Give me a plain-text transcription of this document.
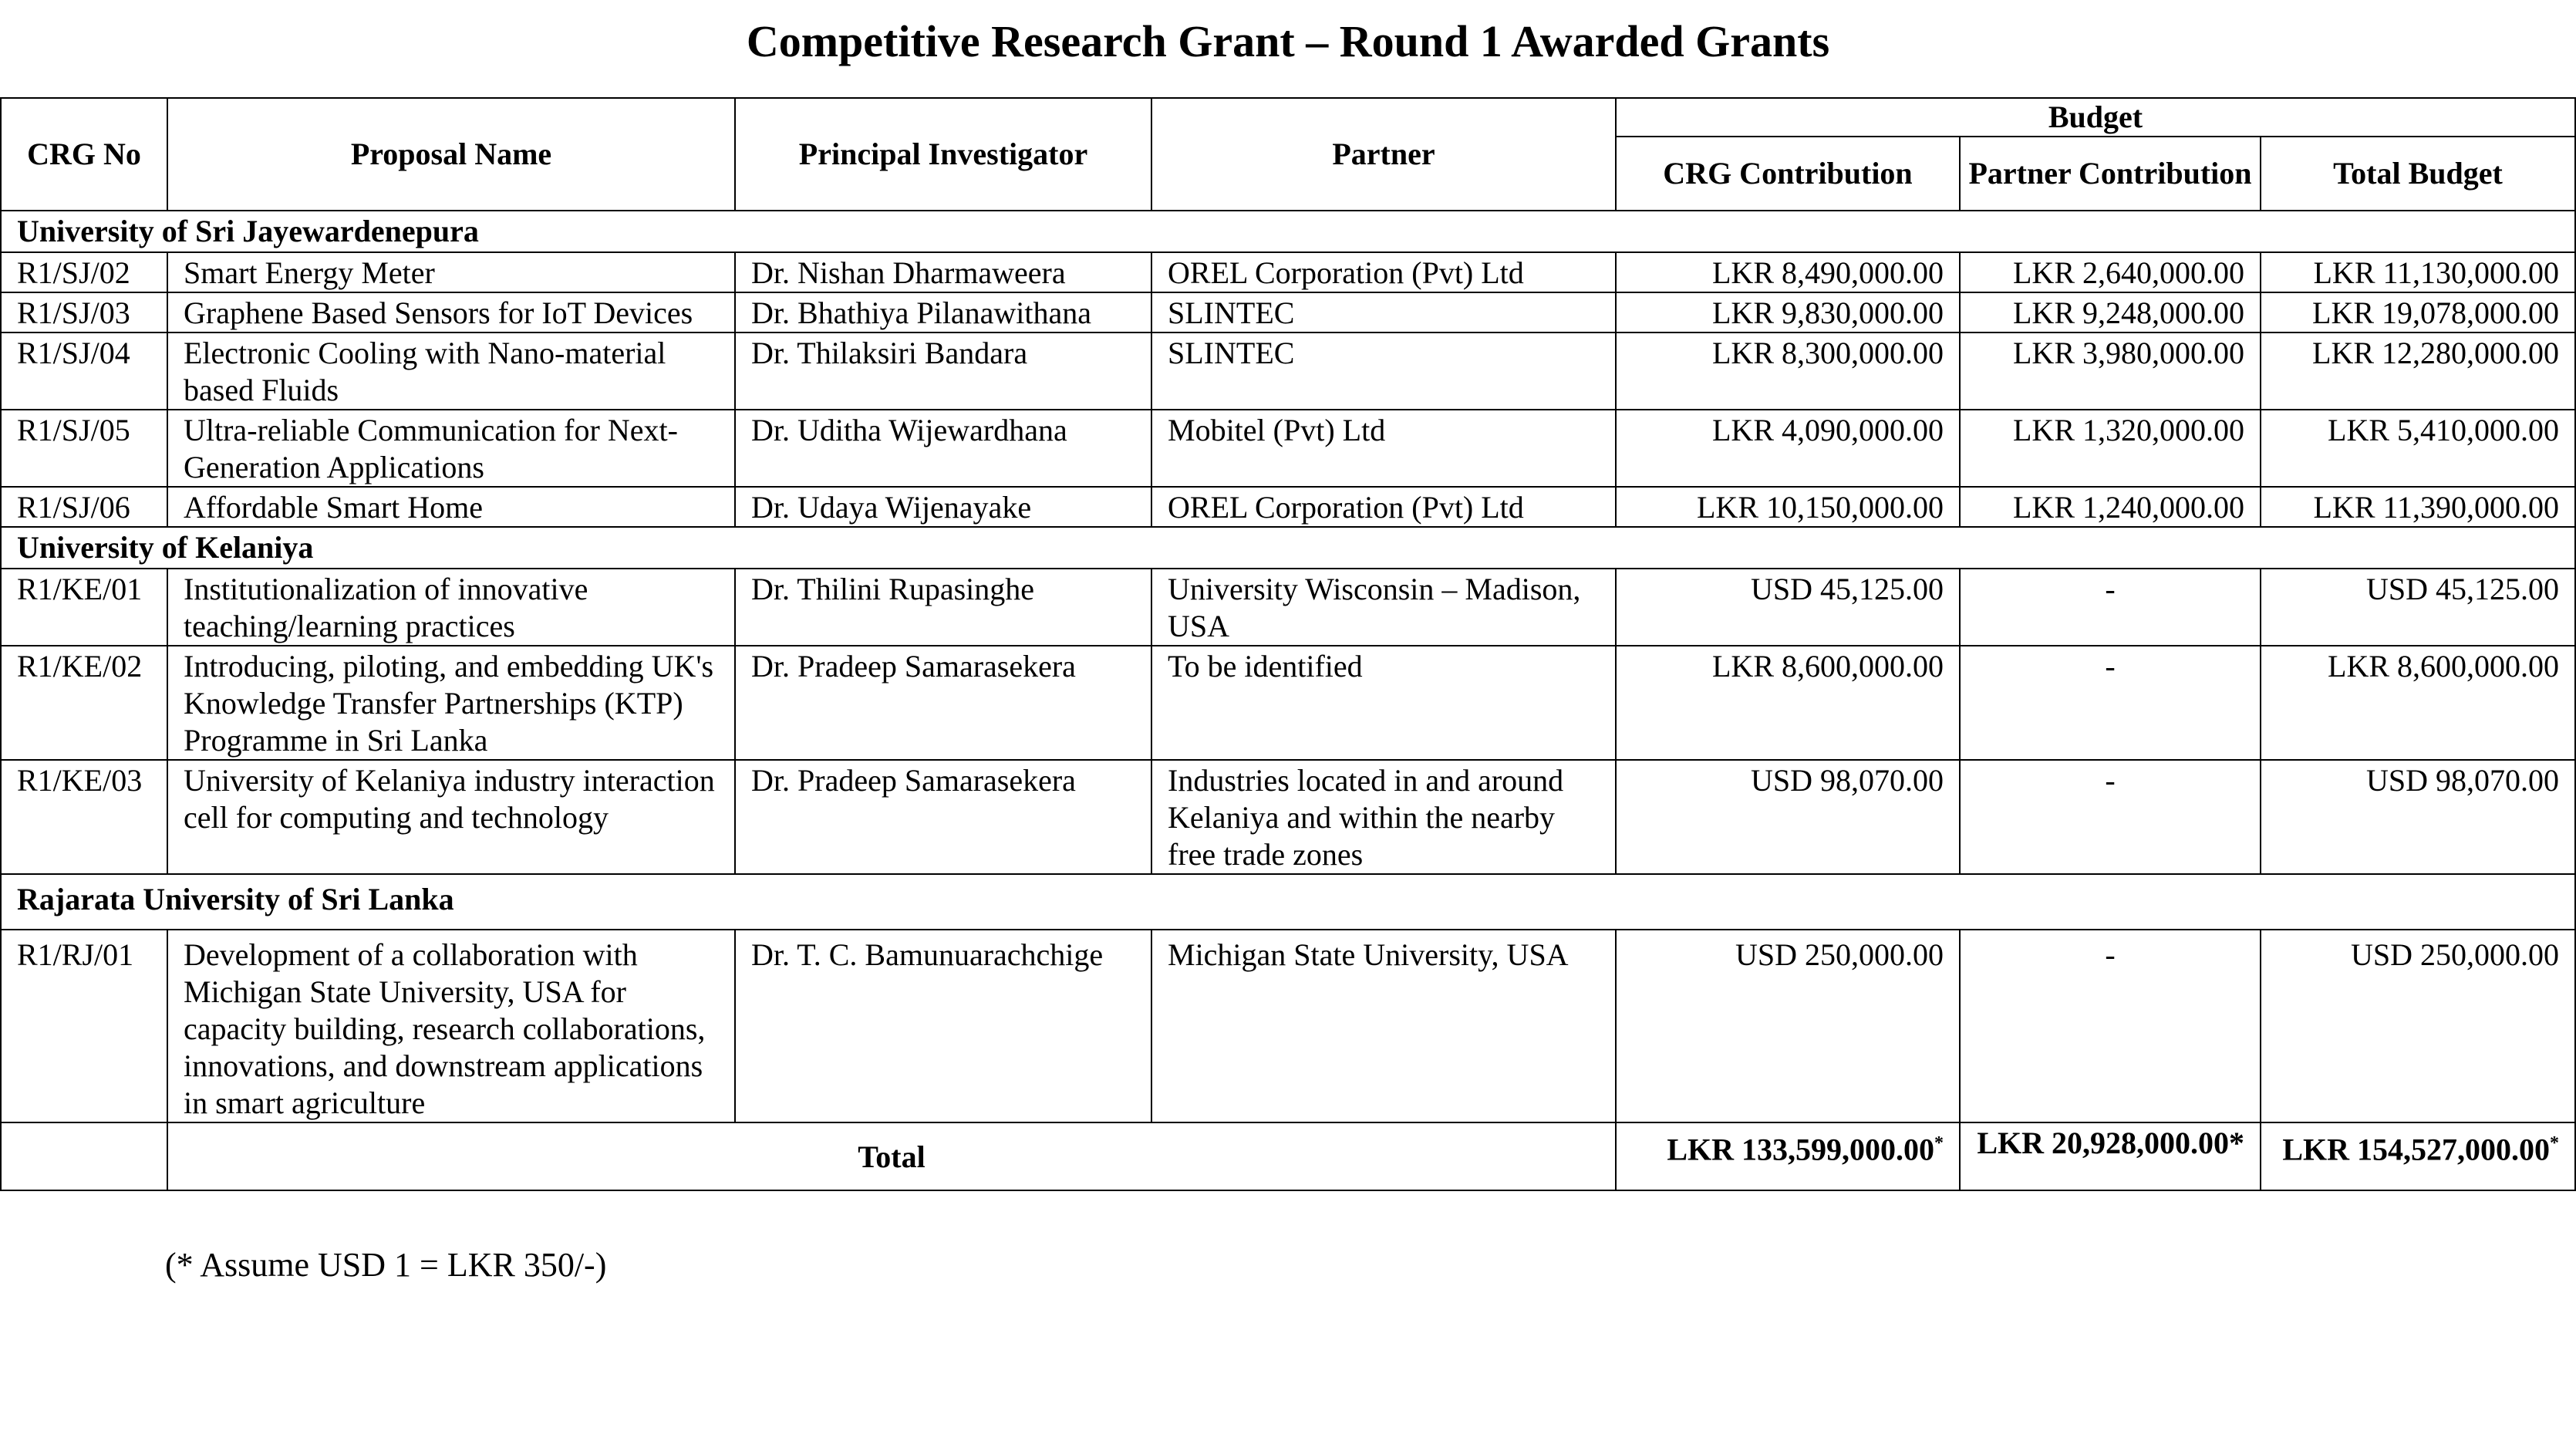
Competitive Research Grant – Round 1 Awarded Grants
CRG No	Proposal Name	Principal Investigator	Partner	Budget		
				CRG Contribution	Partner Contribution	Total Budget
University of Sri Jayewardenepura						
R1/SJ/02	Smart Energy Meter	Dr. Nishan Dharmaweera	OREL Corporation (Pvt) Ltd	LKR 8,490,000.00	LKR 2,640,000.00	LKR 11,130,000.00
R1/SJ/03	Graphene Based Sensors for IoT Devices	Dr. Bhathiya Pilanawithana	SLINTEC	LKR 9,830,000.00	LKR 9,248,000.00	LKR 19,078,000.00
R1/SJ/04	Electronic Cooling with Nano-material based Fluids	Dr. Thilaksiri Bandara	SLINTEC	LKR 8,300,000.00	LKR 3,980,000.00	LKR 12,280,000.00
R1/SJ/05	Ultra-reliable Communication for Next-Generation Applications	Dr. Uditha Wijewardhana	Mobitel (Pvt) Ltd	LKR 4,090,000.00	LKR 1,320,000.00	LKR 5,410,000.00
R1/SJ/06	Affordable Smart Home	Dr. Udaya Wijenayake	OREL Corporation (Pvt) Ltd	LKR 10,150,000.00	LKR 1,240,000.00	LKR 11,390,000.00
University of Kelaniya						
R1/KE/01	Institutionalization of innovative teaching/learning practices	Dr. Thilini Rupasinghe	University Wisconsin – Madison, USA	USD 45,125.00	-	USD 45,125.00
R1/KE/02	Introducing, piloting, and embedding UK's Knowledge Transfer Partnerships (KTP) Programme in Sri Lanka	Dr. Pradeep Samarasekera	To be identified	LKR 8,600,000.00	-	LKR 8,600,000.00
R1/KE/03	University of Kelaniya industry interaction cell for computing and technology	Dr. Pradeep Samarasekera	Industries located in and around Kelaniya and within the nearby free trade zones	USD 98,070.00	-	USD 98,070.00
Rajarata University of Sri Lanka						
R1/RJ/01	Development of a collaboration with Michigan State University, USA for capacity building, research collaborations, innovations, and downstream applications in smart agriculture	Dr. T. C. Bamunuarachchige	Michigan State University, USA	USD 250,000.00	-	USD 250,000.00
	Total			LKR 133,599,000.00*	LKR 20,928,000.00*	LKR 154,527,000.00*
(* Assume USD 1 = LKR 350/-)
